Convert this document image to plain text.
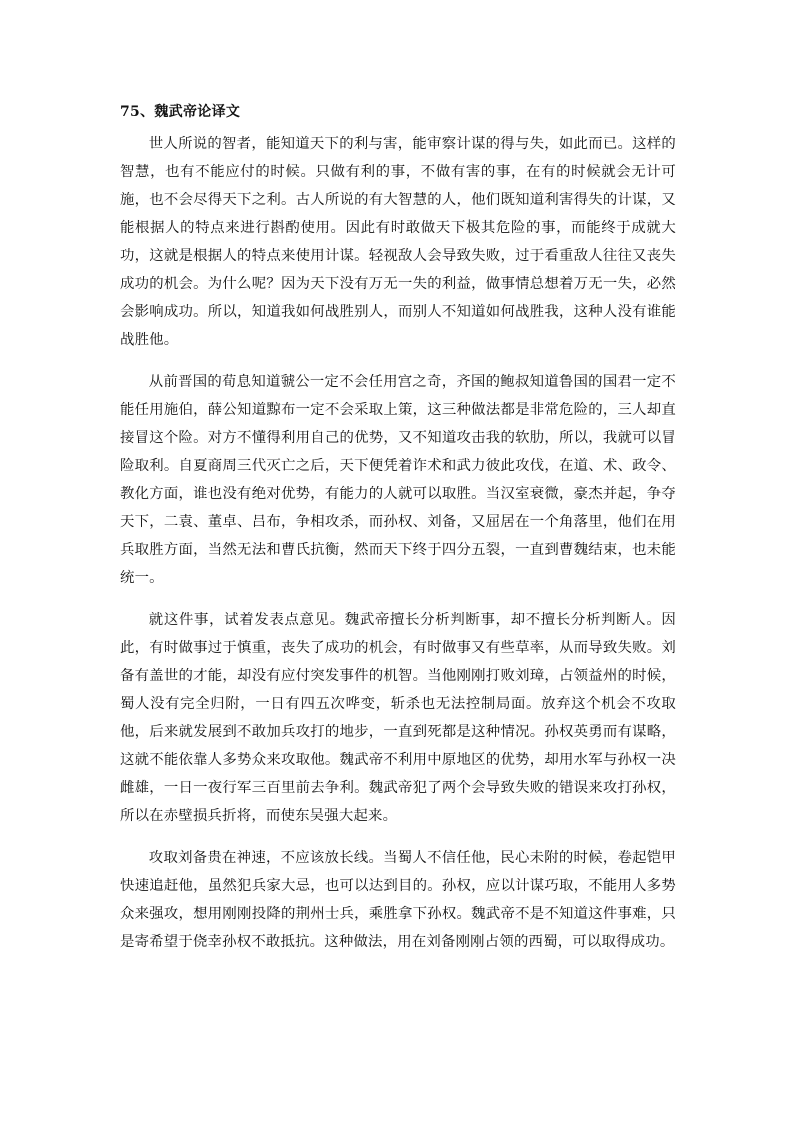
75、魏武帝论译文

世人所说的智者，能知道天下的利与害，能审察计谋的得与失，如此而已。这样的智慧，也有不能应付的时候。只做有利的事，不做有害的事，在有的时候就会无计可施，也不会尽得天下之利。古人所说的有大智慧的人，他们既知道利害得失的计谋，又能根据人的特点来进行斟酌使用。因此有时敢做天下极其危险的事，而能终于成就大功，这就是根据人的特点来使用计谋。轻视敌人会导致失败，过于看重敌人往往又丧失成功的机会。为什么呢？因为天下没有万无一失的利益，做事情总想着万无一失，必然会影响成功。所以，知道我如何战胜别人，而别人不知道如何战胜我，这种人没有谁能战胜他。

从前晋国的荀息知道虢公一定不会任用宫之奇，齐国的鲍叔知道鲁国的国君一定不能任用施伯，薛公知道黥布一定不会采取上策，这三种做法都是非常危险的，三人却直接冒这个险。对方不懂得利用自己的优势，又不知道攻击我的软肋，所以，我就可以冒险取利。自夏商周三代灭亡之后，天下便凭着诈术和武力彼此攻伐，在道、术、政令、教化方面，谁也没有绝对优势，有能力的人就可以取胜。当汉室衰微，豪杰并起，争夺天下，二袁、董卓、吕布，争相攻杀，而孙权、刘备，又屈居在一个角落里，他们在用兵取胜方面，当然无法和曹氏抗衡，然而天下终于四分五裂，一直到曹魏结束，也未能统一。

就这件事，试着发表点意见。魏武帝擅长分析判断事，却不擅长分析判断人。因此，有时做事过于慎重，丧失了成功的机会，有时做事又有些草率，从而导致失败。刘备有盖世的才能，却没有应付突发事件的机智。当他刚刚打败刘璋，占领益州的时候，蜀人没有完全归附，一日有四五次哗变，斩杀也无法控制局面。放弃这个机会不攻取他，后来就发展到不敢加兵攻打的地步，一直到死都是这种情况。孙权英勇而有谋略，这就不能依靠人多势众来攻取他。魏武帝不利用中原地区的优势，却用水军与孙权一决雌雄，一日一夜行军三百里前去争利。魏武帝犯了两个会导致失败的错误来攻打孙权，所以在赤壁损兵折将，而使东吴强大起来。

攻取刘备贵在神速，不应该放长线。当蜀人不信任他，民心未附的时候，卷起铠甲快速追赶他，虽然犯兵家大忌，也可以达到目的。孙权，应以计谋巧取，不能用人多势众来强攻，想用刚刚投降的荆州士兵，乘胜拿下孙权。魏武帝不是不知道这件事难，只是寄希望于侥幸孙权不敢抵抗。这种做法，用在刘备刚刚占领的西蜀，可以取得成功。
